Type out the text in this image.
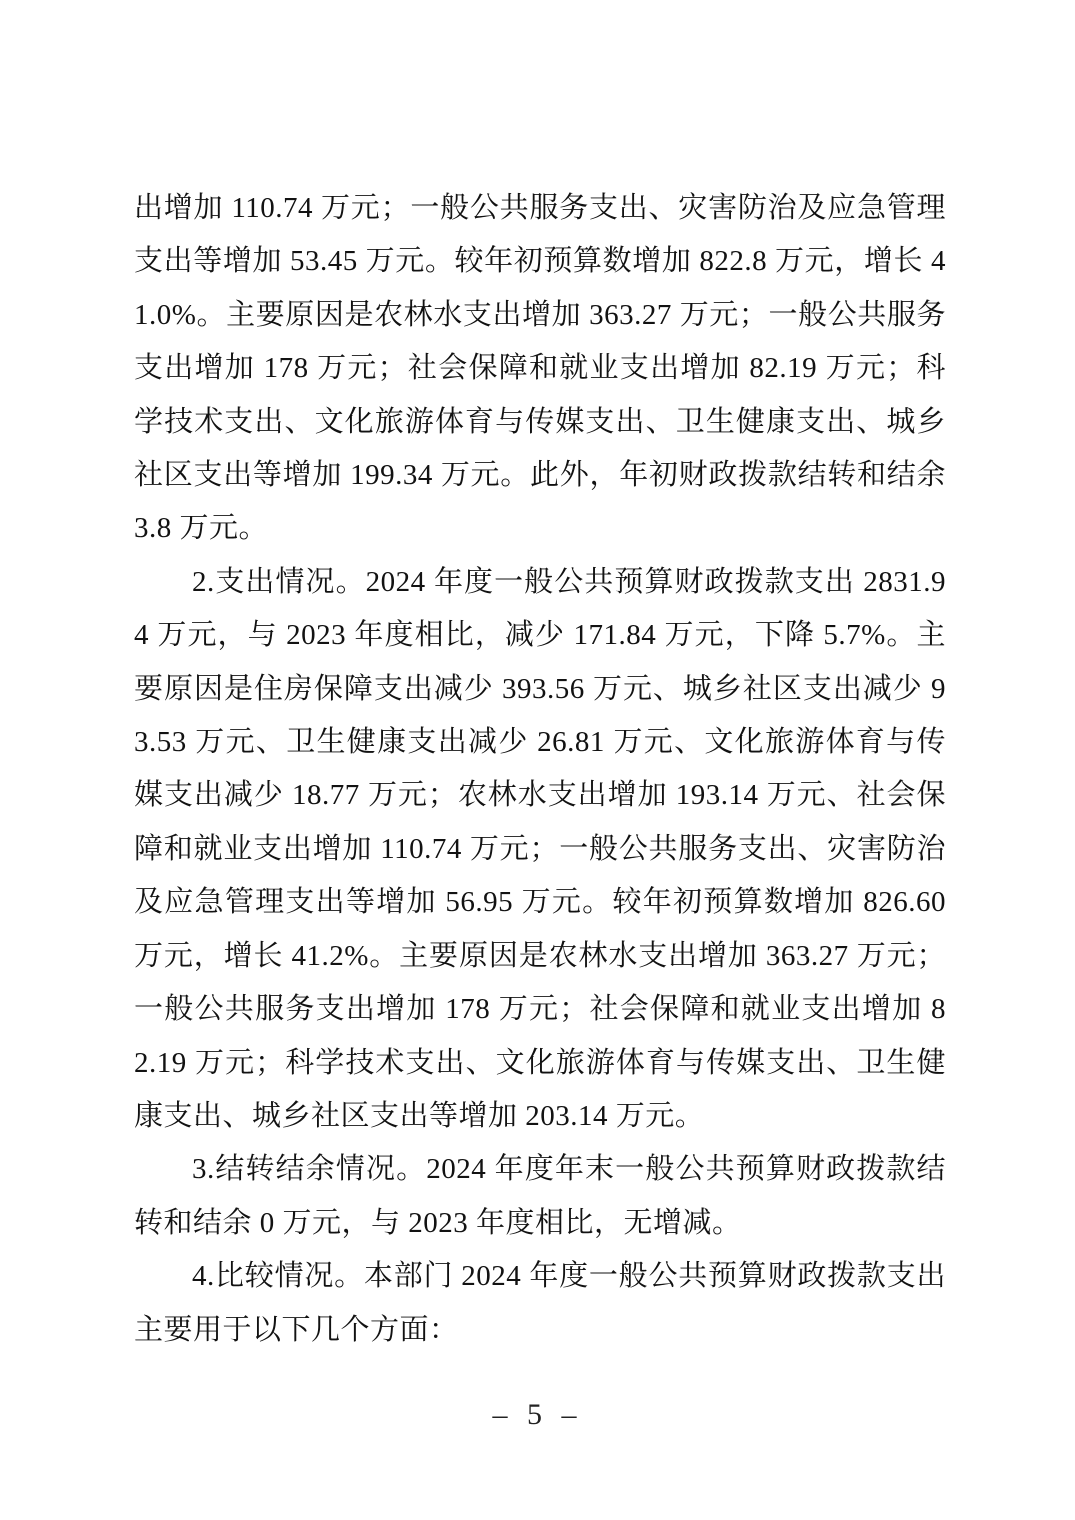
出增加 110.74 万元；一般公共服务支出、灾害防治及应急管理支出等增加 53.45 万元。较年初预算数增加 822.8 万元，增长 41.0%。主要原因是农林水支出增加 363.27 万元；一般公共服务支出增加 178 万元；社会保障和就业支出增加 82.19 万元；科学技术支出、文化旅游体育与传媒支出、卫生健康支出、城乡社区支出等增加 199.34 万元。此外，年初财政拨款结转和结余 3.8 万元。

2.支出情况。2024 年度一般公共预算财政拨款支出 2831.94 万元，与 2023 年度相比，减少 171.84 万元，下降 5.7%。主要原因是住房保障支出减少 393.56 万元、城乡社区支出减少 93.53 万元、卫生健康支出减少 26.81 万元、文化旅游体育与传媒支出减少 18.77 万元；农林水支出增加 193.14 万元、社会保障和就业支出增加 110.74 万元；一般公共服务支出、灾害防治及应急管理支出等增加 56.95 万元。较年初预算数增加 826.60 万元，增长 41.2%。主要原因是农林水支出增加 363.27 万元；一般公共服务支出增加 178 万元；社会保障和就业支出增加 82.19 万元；科学技术支出、文化旅游体育与传媒支出、卫生健康支出、城乡社区支出等增加 203.14 万元。

3.结转结余情况。2024 年度年末一般公共预算财政拨款结转和结余 0 万元，与 2023 年度相比，无增减。

4.比较情况。本部门 2024 年度一般公共预算财政拨款支出主要用于以下几个方面：

– 5 –
